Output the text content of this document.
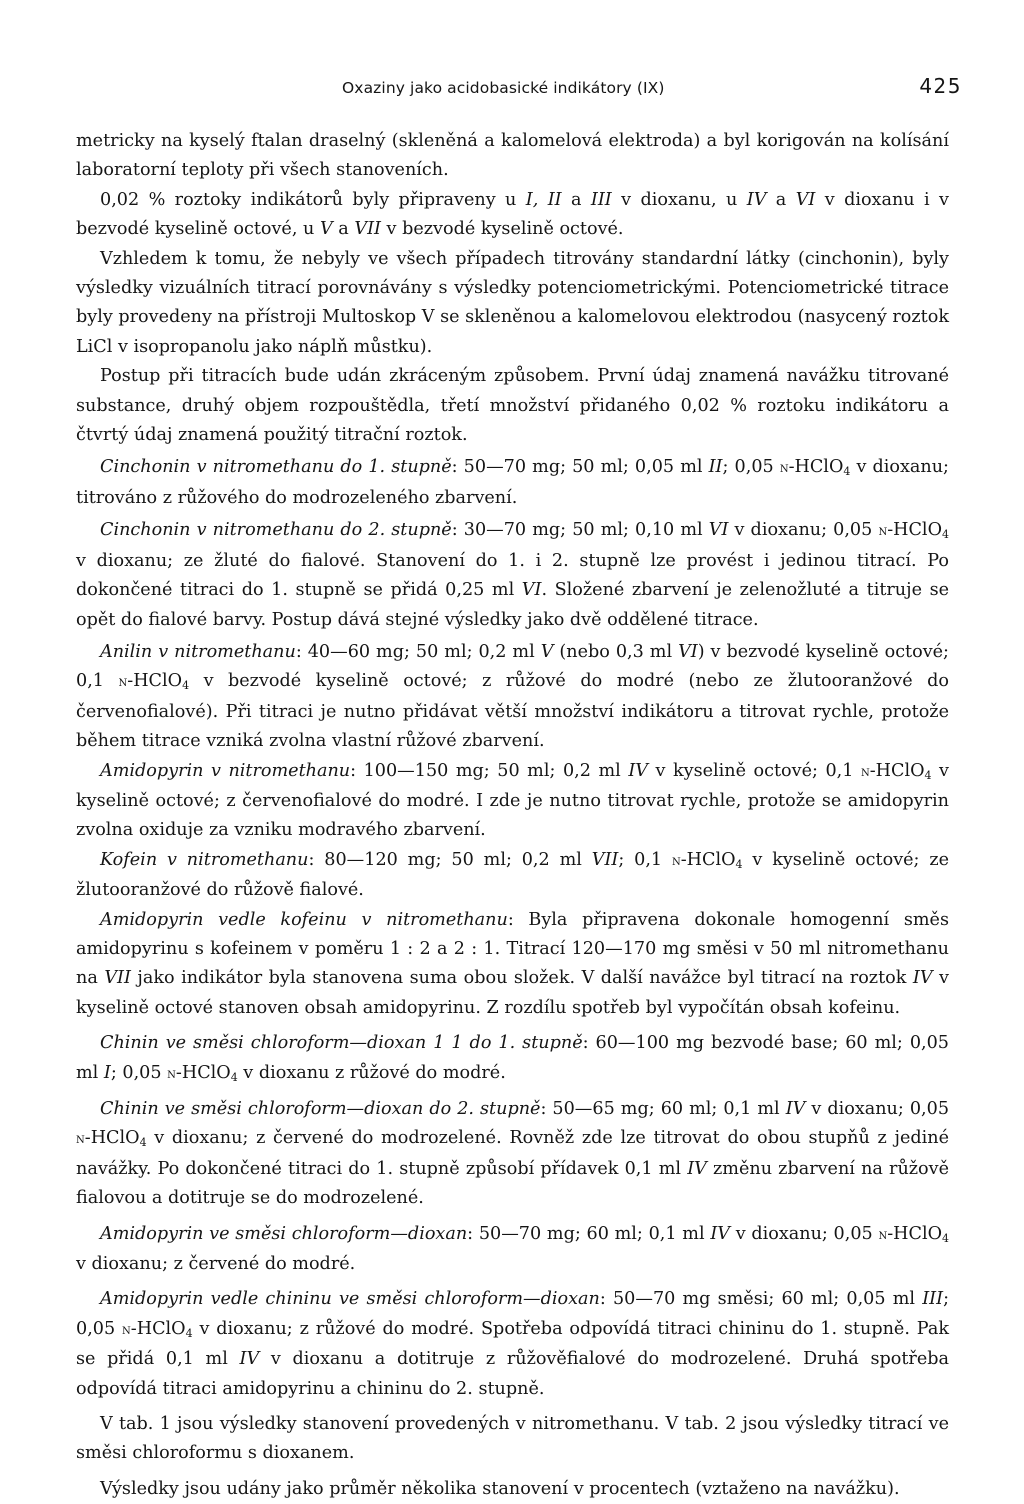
Oxaziny jako acidobasické indikátory (IX)	425

metricky na kyselý ftalan draselný (skleněná a kalomelová elektroda) a byl korigován na kolísání laboratorní teploty při všech stanoveních.

0,02 % roztoky indikátorů byly připraveny u I, II a III v dioxanu, u IV a VI v dioxanu i v bezvodé kyselině octové, u V a VII v bezvodé kyselině octové.

Vzhledem k tomu, že nebyly ve všech případech titrovány standardní látky (cinchonin), byly výsledky vizuálních titrací porovnávány s výsledky potenciometrickými. Potenciometrické titrace byly provedeny na přístroji Multoskop V se skleněnou a kalomelovou elektrodou (nasycený roztok LiCl v isopropanolu jako náplň můstku).

Postup při titracích bude udán zkráceným způsobem. První údaj znamená navážku titrované substance, druhý objem rozpouštědla, třetí množství přidaného 0,02 % roztoku indikátoru a čtvrtý údaj znamená použitý titrační roztok.

Cinchonin v nitromethanu do 1. stupně: 50—70 mg; 50 ml; 0,05 ml II; 0,05 n-HClO$_4$ v dioxanu; titrováno z růžového do modrozeleného zbarvení.

Cinchonin v nitromethanu do 2. stupně: 30—70 mg; 50 ml; 0,10 ml VI v dioxanu; 0,05 n-HClO$_4$ v dioxanu; ze žluté do fialové. Stanovení do 1. i 2. stupně lze provést i jedinou titrací. Po dokončené titraci do 1. stupně se přidá 0,25 ml VI. Složené zbarvení je zelenožluté a titruje se opět do fialové barvy. Postup dává stejné výsledky jako dvě oddělené titrace.

Anilin v nitromethanu: 40—60 mg; 50 ml; 0,2 ml V (nebo 0,3 ml VI) v bezvodé kyselině octové; 0,1 n-HClO$_4$ v bezvodé kyselině octové; z růžové do modré (nebo ze žlutooranžové do červenofialové). Při titraci je nutno přidávat větší množství indikátoru a titrovat rychle, protože během titrace vzniká zvolna vlastní růžové zbarvení.

Amidopyrin v nitromethanu: 100—150 mg; 50 ml; 0,2 ml IV v kyselině octové; 0,1 n-HClO$_4$ v kyselině octové; z červenofialové do modré. I zde je nutno titrovat rychle, protože se amidopyrin zvolna oxiduje za vzniku modravého zbarvení.

Kofein v nitromethanu: 80—120 mg; 50 ml; 0,2 ml VII; 0,1 n-HClO$_4$ v kyselině octové; ze žlutooranžové do růžově fialové.

Amidopyrin vedle kofeinu v nitromethanu: Byla připravena dokonale homogenní směs amidopyrinu s kofeinem v poměru 1 : 2 a 2 : 1. Titrací 120—170 mg směsi v 50 ml nitromethanu na VII jako indikátor byla stanovena suma obou složek. V další navážce byl titrací na roztok IV v kyselině octové stanoven obsah amidopyrinu. Z rozdílu spotřeb byl vypočítán obsah kofeinu.

Chinin ve směsi chloroform—dioxan 1 1 do 1. stupně: 60—100 mg bezvodé base; 60 ml; 0,05 ml I; 0,05 n-HClO$_4$ v dioxanu z růžové do modré.

Chinin ve směsi chloroform—dioxan do 2. stupně: 50—65 mg; 60 ml; 0,1 ml IV v dioxanu; 0,05 n-HClO$_4$ v dioxanu; z červené do modrozelené. Rovněž zde lze titrovat do obou stupňů z jediné navážky. Po dokončené titraci do 1. stupně způsobí přídavek 0,1 ml IV změnu zbarvení na růžově fialovou a dotitruje se do modrozelené.

Amidopyrin ve směsi chloroform—dioxan: 50—70 mg; 60 ml; 0,1 ml IV v dioxanu; 0,05 n-HClO$_4$ v dioxanu; z červené do modré.

Amidopyrin vedle chininu ve směsi chloroform—dioxan: 50—70 mg směsi; 60 ml; 0,05 ml III; 0,05 n-HClO$_4$ v dioxanu; z růžové do modré. Spotřeba odpovídá titraci chininu do 1. stupně. Pak se přidá 0,1 ml IV v dioxanu a dotitruje z růžověfialové do modrozelené. Druhá spotřeba odpovídá titraci amidopyrinu a chininu do 2. stupně.

V tab. 1 jsou výsledky stanovení provedených v nitromethanu. V tab. 2 jsou výsledky titrací ve směsi chloroformu s dioxanem.

Výsledky jsou udány jako průměr několika stanovení v procentech (vztaženo na navážku).
